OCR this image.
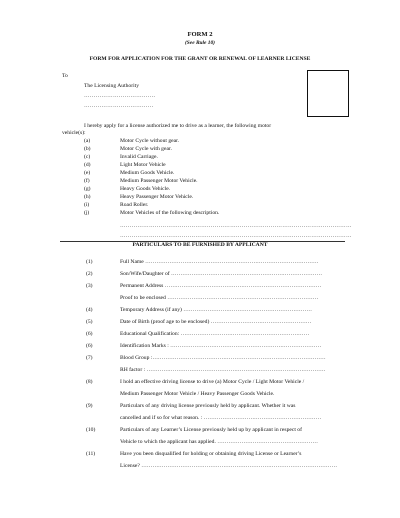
FORM 2
(See Rule 10)
FORM FOR APPLICATION FOR THE GRANT OR RENEWAL OF LEARNER LICENSE
To
The Licensing Authority
……………………………….
………………………………
I hereby apply for a license authorized me to drive as a learner, the following motor
vehicle(s):
(a)	Motor Cycle without gear.
(b)	Motor Cycle with gear.
(c)	Invalid Carriage.
(d)	Light Motor Vehicle
(e)	Medium Goods Vehicle.
(f)	Medium Passenger Motor Vehicle.
(g)	Heavy Goods Vehicle.
(h)	Heavy Passenger Motor Vehicle.
(i)	Road Roller.
(j)	Motor Vehicles of the following description.
…………………………………………………………………………………………………………
…………………………………………………………………………………………………………
PARTICULARS TO BE FURNISHED BY APPLICANT
(1)	Full Name …………………………………………………………………………………
(2)	Son/Wife/Daughter of ………………………………………………………………………
(3)	Permanent Address …………………………………………………………………………
Proof to be enclosed ………………………………………………………………………
(4)	Temporary Address (if any) ……………………………………………………………
(5)	Date of Birth (proof age to be enclosed) ………………………………………………
(6)	Educational Qualification: ……………………………………………………………
(6)	Identification Marks : ………………………………………………………………………
(7)	Blood Group :…………………………………………………………………………………
RH factor : ……………………………………………………………………………………
(8)	I hold an effective driving license to drive (a) Motor Cycle / Light Motor Vehicle /
Medium Passenger Motor Vehicle / Heavy Passenger Goods Vehicle.
(9)	Particulars of any driving license previously held by applicant. Whether it was
cancelled and if so for what reason. : ………………………………………………………
(10)	Particulars of any Learner’s License previously held up by applicant in respect of
Vehicle to which the applicant has applied. ………………………………………………
(11)	Have you been disqualified for holding or obtaining driving License or Learner’s
License? ……………………………………………………………………………………………
